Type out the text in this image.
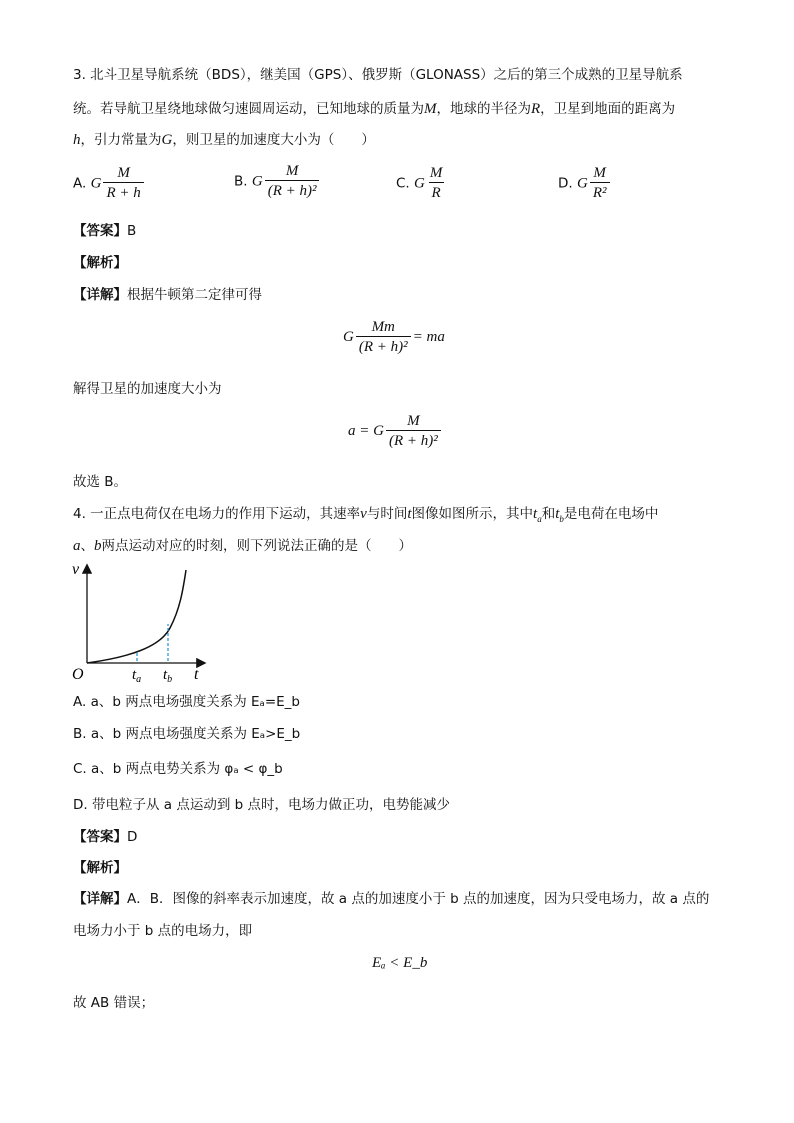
3. 北斗卫星导航系统（BDS），继美国（GPS）、俄罗斯（GLONASS）之后的第三个成熟的卫星导航系
统。若导航卫星绕地球做匀速圆周运动，已知地球的质量为M，地球的半径为R，卫星到地面的距离为
h，引力常量为G，则卫星的加速度大小为（　　）
A. G $\frac{M}{R + h}$	B. G $\frac{M}{\text{(R + h)²}}$	C. G $\frac{M}{R}$	D. G $\frac{M}{\text{R²}}$
【答案】B
【解析】
【详解】根据牛顿第二定律可得
G $\frac{Mm}{\text{(R + h)²}}$ = ma
解得卫星的加速度大小为
a = G $\frac{M}{\text{(R + h)²}}$
故选 B。
4. 一正点电荷仅在电场力的作用下运动，其速率v与时间t图像如图所示，其中$t_a$和$t_b$是电荷在电场中
a、b两点运动对应的时刻，则下列说法正确的是（　　）
v
t
O	$t_a$ $t_b$
A. a、b 两点电场强度关系为 Eₐ=E_b
B. a、b 两点电场强度关系为 Eₐ>E_b
C. a、b 两点电势关系为 φₐ < φ_b
D. 带电粒子从 a 点运动到 b 点时，电场力做正功，电势能减少
【答案】D
【解析】
【详解】A．B．图像的斜率表示加速度，故 a 点的加速度小于 b 点的加速度，因为只受电场力，故 a 点的
电场力小于 b 点的电场力，即
Eₐ < E_b
故 AB 错误；
